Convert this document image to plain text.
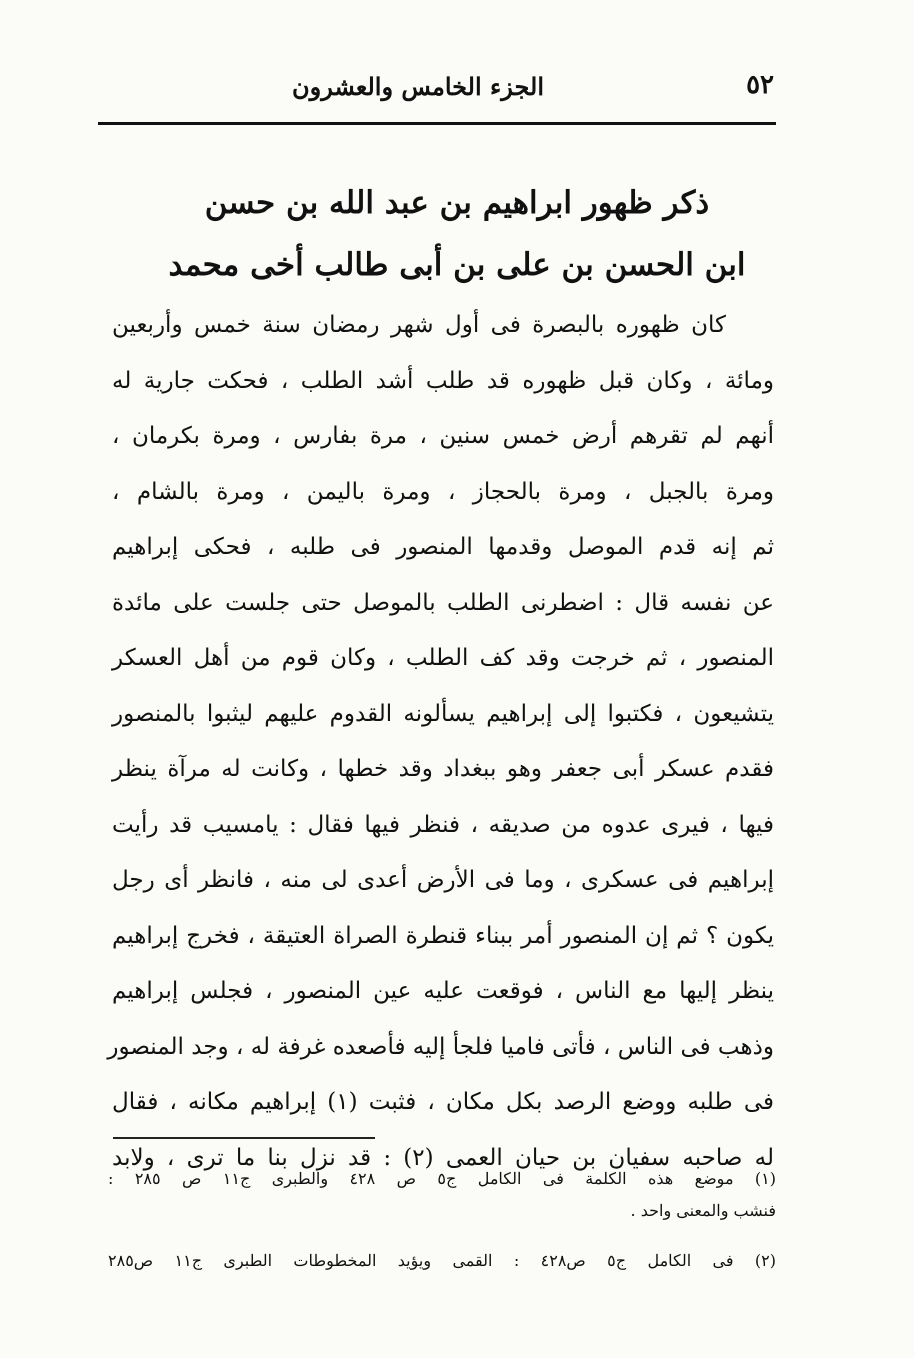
٥٢
الجزء الخامس والعشرون
ذكر ظهور ابراهيم بن عبد الله بن حسن
ابن الحسن بن على بن أبى طالب أخى محمد
كان ظهوره بالبصرة فى أول شهر رمضان سنة خمس وأربعين
ومائة ، وكان قبل ظهوره قد طلب أشد الطلب ، فحكت جارية له
أنهم لم تقرهم أرض خمس سنين ، مرة بفارس ، ومرة بكرمان ،
ومرة بالجبل ، ومرة بالحجاز ، ومرة باليمن ، ومرة بالشام ،
ثم إنه قدم الموصل وقدمها المنصور فى طلبه ، فحكى إبراهيم
عن نفسه قال : اضطرنى الطلب بالموصل حتى جلست على مائدة
المنصور ، ثم خرجت وقد كف الطلب ، وكان قوم من أهل العسكر
يتشيعون ، فكتبوا إلى إبراهيم يسألونه القدوم عليهم ليثبوا بالمنصور
فقدم عسكر أبى جعفر وهو ببغداد وقد خطها ، وكانت له مرآة ينظر
فيها ، فيرى عدوه من صديقه ، فنظر فيها فقال : يامسيب قد رأيت
إبراهيم فى عسكرى ، وما فى الأرض أعدى لى منه ، فانظر أى رجل
يكون ؟ ثم إن المنصور أمر ببناء قنطرة الصراة العتيقة ، فخرج إبراهيم
ينظر إليها مع الناس ، فوقعت عليه عين المنصور ، فجلس إبراهيم
وذهب فى الناس ، فأتى فاميا فلجأ إليه فأصعده غرفة له ، وجد المنصور
فى طلبه ووضع الرصد بكل مكان ، فثبت (١) إبراهيم مكانه ، فقال
له صاحبه سفيان بن حيان العمى (٢) : قد نزل بنا ما ترى ، ولابد
(١) موضع هذه الكلمة فى الكامل ج٥ ص ٤٢٨ والطبرى ج١١ ص ٢٨٥ :
فنشب والمعنى واحد .
(٢) فى الكامل ج٥ ص٤٢٨ : القمى ويؤيد المخطوطات الطبرى ج١١ ص٢٨٥
